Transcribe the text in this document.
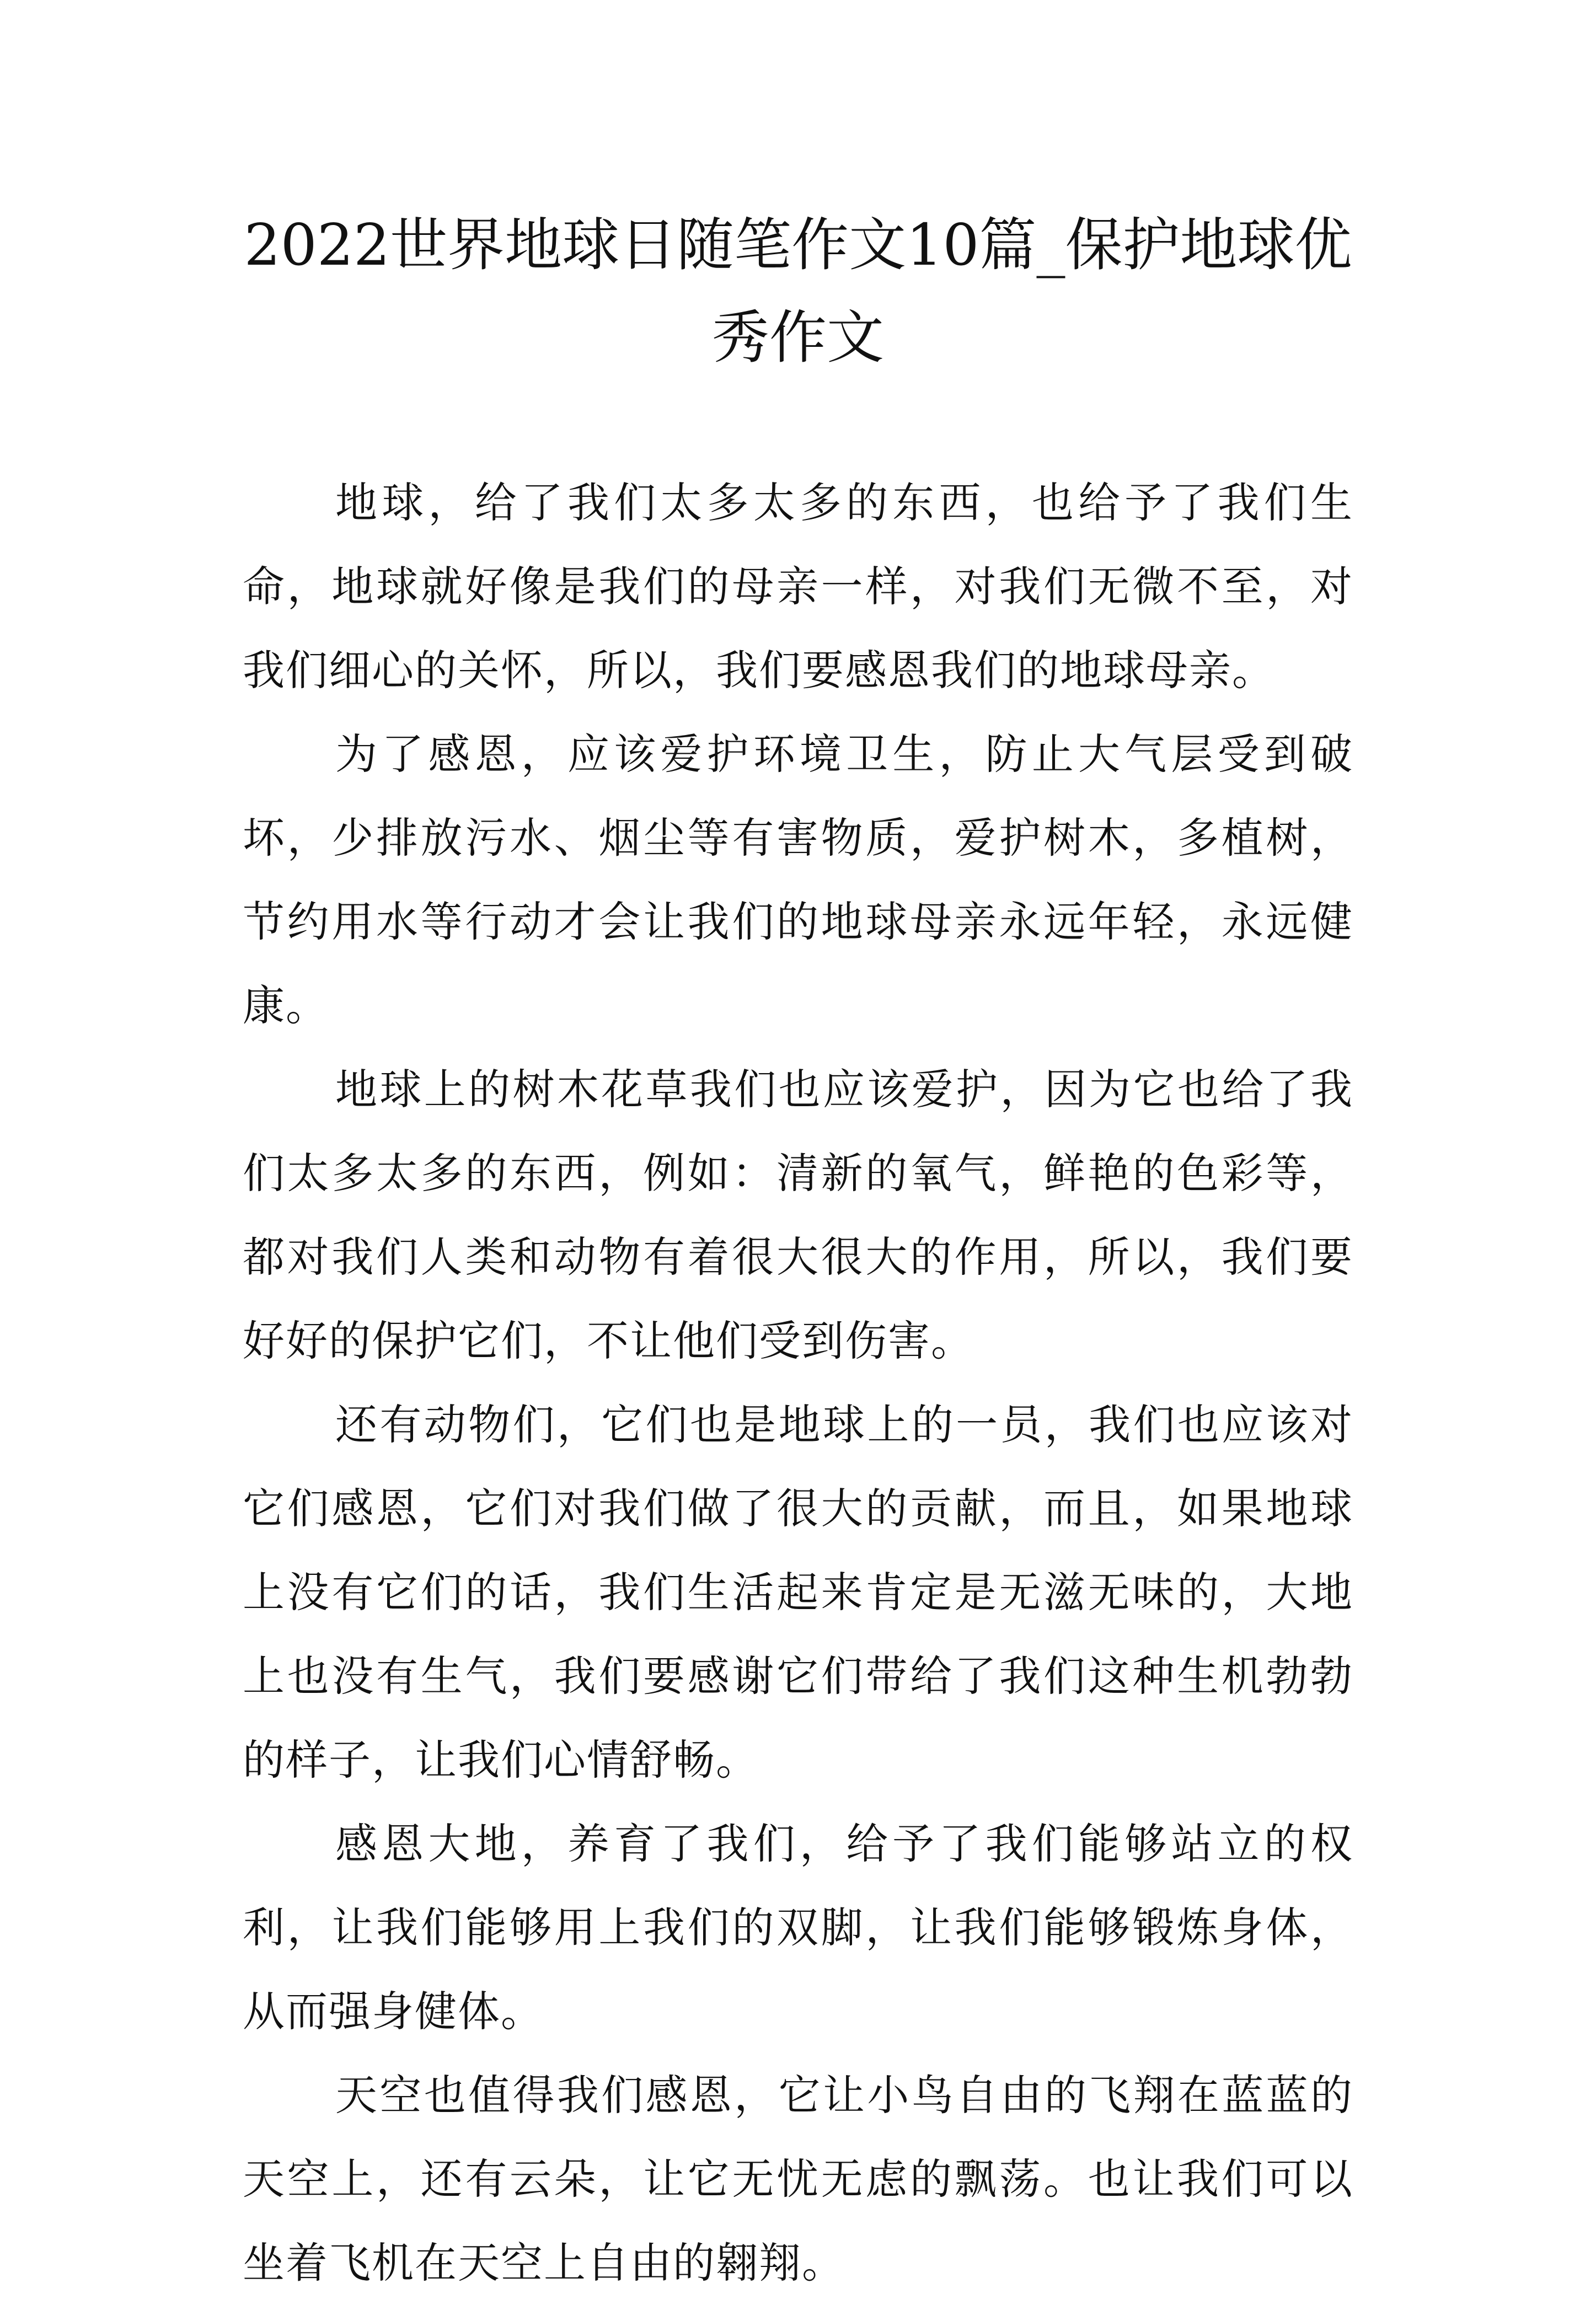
2022世界地球日随笔作文10篇_保护地球优秀作文

地球，给了我们太多太多的东西，也给予了我们生命，地球就好像是我们的母亲一样，对我们无微不至，对我们细心的关怀，所以，我们要感恩我们的地球母亲。

为了感恩，应该爱护环境卫生，防止大气层受到破坏，少排放污水、烟尘等有害物质，爱护树木，多植树，节约用水等行动才会让我们的地球母亲永远年轻，永远健康。

地球上的树木花草我们也应该爱护，因为它也给了我们太多太多的东西，例如：清新的氧气，鲜艳的色彩等，都对我们人类和动物有着很大很大的作用，所以，我们要好好的保护它们，不让他们受到伤害。

还有动物们，它们也是地球上的一员，我们也应该对它们感恩，它们对我们做了很大的贡献，而且，如果地球上没有它们的话，我们生活起来肯定是无滋无味的，大地上也没有生气，我们要感谢它们带给了我们这种生机勃勃的样子，让我们心情舒畅。

感恩大地，养育了我们，给予了我们能够站立的权利，让我们能够用上我们的双脚，让我们能够锻炼身体，从而强身健体。

天空也值得我们感恩，它让小鸟自由的飞翔在蓝蓝的天空上，还有云朵，让它无忧无虑的飘荡。也让我们可以坐着飞机在天空上自由的翱翔。
